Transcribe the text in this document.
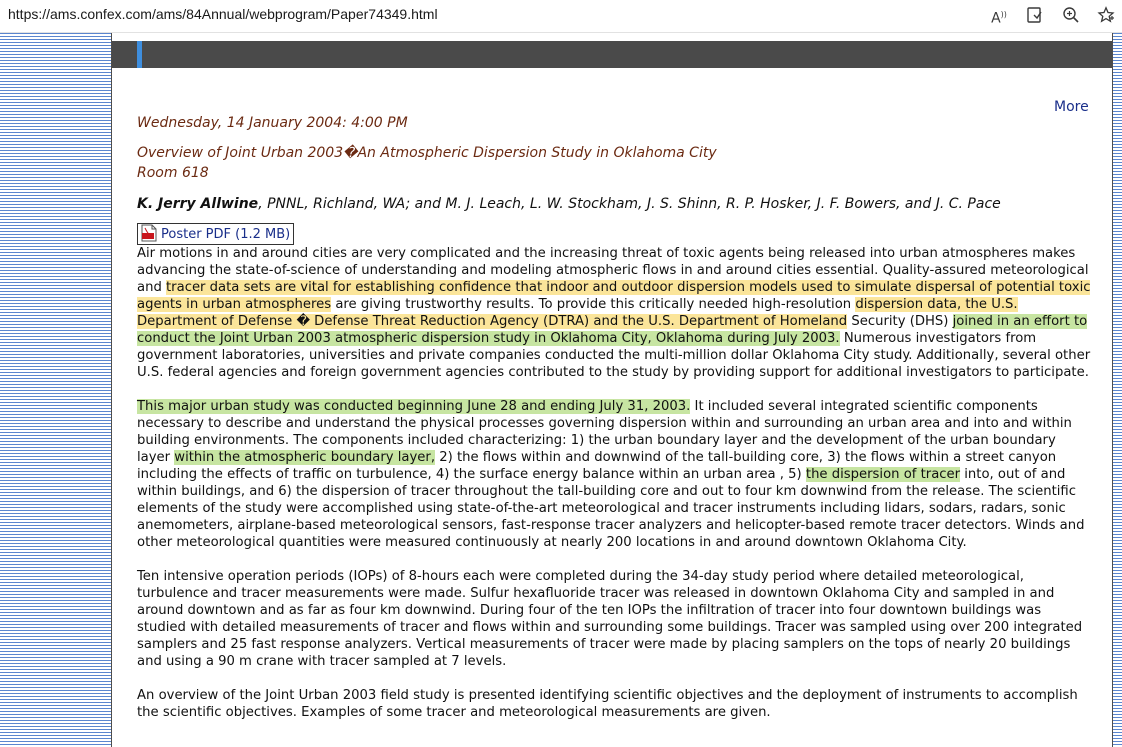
https://ams.confex.com/ams/84Annual/webprogram/Paper74349.html	A))
More

Wednesday, 14 January 2004: 4:00 PM

Overview of Joint Urban 2003�An Atmospheric Dispersion Study in Oklahoma City

Room 618

K. Jerry Allwine, PNNL, Richland, WA; and M. J. Leach, L. W. Stockham, J. S. Shinn, R. P. Hosker, J. F. Bowers, and J. C. Pace
Poster PDF (1.2 MB)

Air motions in and around cities are very complicated and the increasing threat of toxic agents being released into urban atmospheres makes advancing the state-of-science of understanding and modeling atmospheric flows in and around cities essential. Quality-assured meteorological and tracer data sets are vital for establishing confidence that indoor and outdoor dispersion models used to simulate dispersal of potential toxic agents in urban atmospheres are giving trustworthy results. To provide this critically needed high-resolution dispersion data, the U.S. Department of Defense � Defense Threat Reduction Agency (DTRA) and the U.S. Department of Homeland Security (DHS) joined in an effort to conduct the Joint Urban 2003 atmospheric dispersion study in Oklahoma City, Oklahoma during July 2003. Numerous investigators from government laboratories, universities and private companies conducted the multi-million dollar Oklahoma City study. Additionally, several other U.S. federal agencies and foreign government agencies contributed to the study by providing support for additional investigators to participate.

This major urban study was conducted beginning June 28 and ending July 31, 2003. It included several integrated scientific components necessary to describe and understand the physical processes governing dispersion within and surrounding an urban area and into and within building environments. The components included characterizing: 1) the urban boundary layer and the development of the urban boundary layer within the atmospheric boundary layer, 2) the flows within and downwind of the tall-building core, 3) the flows within a street canyon including the effects of traffic on turbulence, 4) the surface energy balance within an urban area , 5) the dispersion of tracer into, out of and within buildings, and 6) the dispersion of tracer throughout the tall-building core and out to four km downwind from the release. The scientific elements of the study were accomplished using state-of-the-art meteorological and tracer instruments including lidars, sodars, radars, sonic anemometers, airplane-based meteorological sensors, fast-response tracer analyzers and helicopter-based remote tracer detectors. Winds and other meteorological quantities were measured continuously at nearly 200 locations in and around downtown Oklahoma City.

Ten intensive operation periods (IOPs) of 8-hours each were completed during the 34-day study period where detailed meteorological, turbulence and tracer measurements were made. Sulfur hexafluoride tracer was released in downtown Oklahoma City and sampled in and around downtown and as far as four km downwind. During four of the ten IOPs the infiltration of tracer into four downtown buildings was studied with detailed measurements of tracer and flows within and surrounding some buildings. Tracer was sampled using over 200 integrated samplers and 25 fast response analyzers. Vertical measurements of tracer were made by placing samplers on the tops of nearly 20 buildings and using a 90 m crane with tracer sampled at 7 levels.

An overview of the Joint Urban 2003 field study is presented identifying scientific objectives and the deployment of instruments to accomplish the scientific objectives. Examples of some tracer and meteorological measurements are given.
